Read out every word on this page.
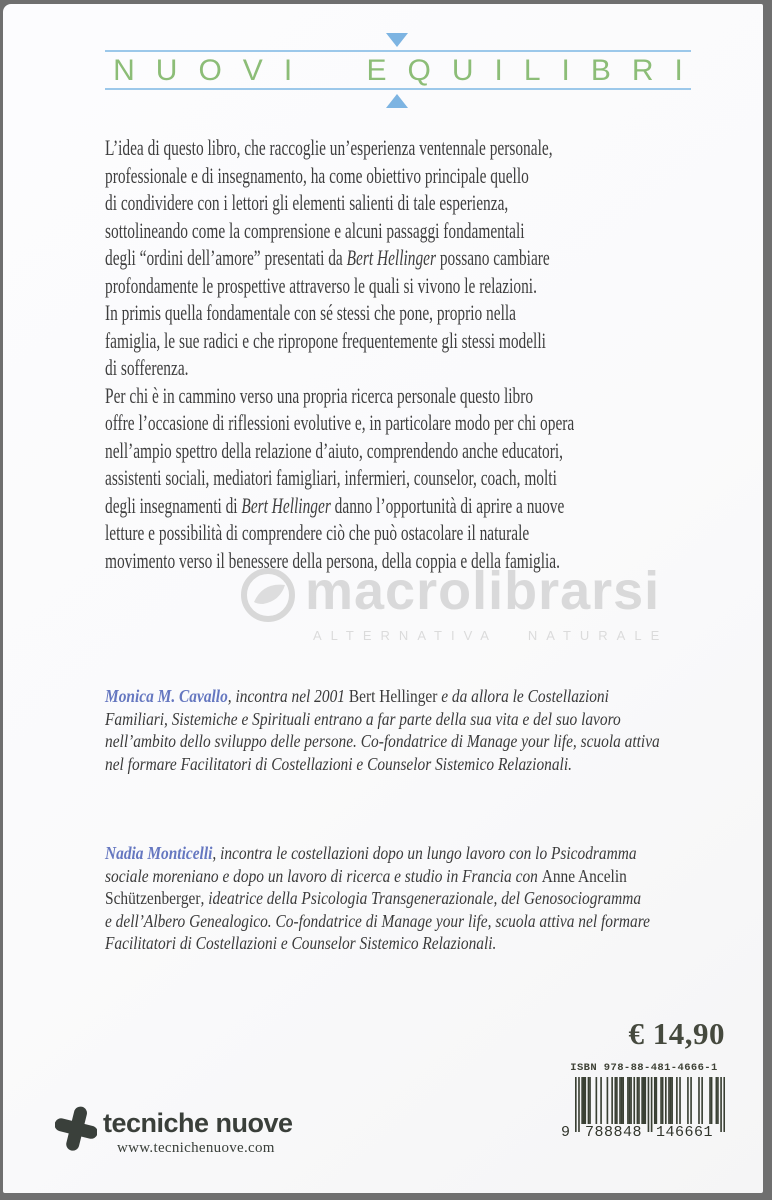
NUOVI EQUILIBRI
macrolibrarsi
ALTERNATIVA NATURALE
L’idea di questo libro, che raccoglie un’esperienza ventennale personale,
professionale e di insegnamento, ha come obiettivo principale quello
di condividere con i lettori gli elementi salienti di tale esperienza,
sottolineando come la comprensione e alcuni passaggi fondamentali
degli “ordini dell’amore” presentati da Bert Hellinger possano cambiare
profondamente le prospettive attraverso le quali si vivono le relazioni.
In primis quella fondamentale con sé stessi che pone, proprio nella
famiglia, le sue radici e che ripropone frequentemente gli stessi modelli
di sofferenza.
Per chi è in cammino verso una propria ricerca personale questo libro
offre l’occasione di riflessioni evolutive e, in particolare modo per chi opera
nell’ampio spettro della relazione d’aiuto, comprendendo anche educatori,
assistenti sociali, mediatori famigliari, infermieri, counselor, coach, molti
degli insegnamenti di Bert Hellinger danno l’opportunità di aprire a nuove
letture e possibilità di comprendere ciò che può ostacolare il naturale
movimento verso il benessere della persona, della coppia e della famiglia.
Monica M. Cavallo, incontra nel 2001 Bert Hellinger e da allora le Costellazioni
Familiari, Sistemiche e Spirituali entrano a far parte della sua vita e del suo lavoro
nell’ambito dello sviluppo delle persone. Co-fondatrice di Manage your life, scuola attiva
nel formare Facilitatori di Costellazioni e Counselor Sistemico Relazionali.
Nadia Monticelli, incontra le costellazioni dopo un lungo lavoro con lo Psicodramma
sociale moreniano e dopo un lavoro di ricerca e studio in Francia con Anne Ancelin
Schützenberger, ideatrice della Psicologia Transgenerazionale, del Genosociogramma
e dell’Albero Genealogico. Co-fondatrice di Manage your life, scuola attiva nel formare
Facilitatori di Costellazioni e Counselor Sistemico Relazionali.
€ 14,90
ISBN 978-88-481-4666-1
9 788848 146661
tecniche nuove
www.tecnichenuove.com
